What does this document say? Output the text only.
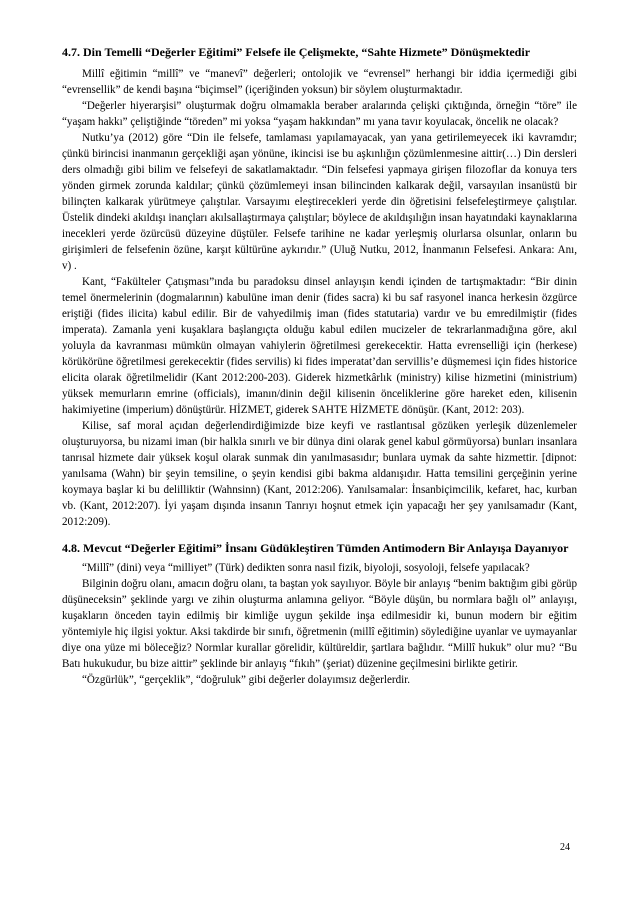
4.7. Din Temelli “Değerler Eğitimi” Felsefe ile Çelişmekte, “Sahte Hizmete” Dönüşmektedir

Millî eğitimin “millî” ve “manevî” değerleri; ontolojik ve “evrensel” herhangi bir iddia içermediği gibi “evrensellik” de kendi başına “biçimsel” (içeriğinden yoksun) bir söylem oluşturmaktadır.

“Değerler hiyerarşisi” oluşturmak doğru olmamakla beraber aralarında çelişki çıktığında, örneğin “töre” ile “yaşam hakkı” çeliştiğinde “töreden” mi yoksa “yaşam hakkından” mı yana tavır koyulacak, öncelik ne olacak?

Nutku’ya (2012) göre “Din ile felsefe, tamlaması yapılamayacak, yan yana getirilemeyecek iki kavramdır; çünkü birincisi inanmanın gerçekliği aşan yönüne, ikincisi ise bu aşkınlığın çözümlenmesine aittir(…) Din dersleri ders olmadığı gibi bilim ve felsefeyi de sakatlamaktadır. “Din felsefesi yapmaya girişen filozoflar da konuya ters yönden girmek zorunda kaldılar; çünkü çözümlemeyi insan bilincinden kalkarak değil, varsayılan insanüstü bir bilinçten kalkarak yürütmeye çalıştılar. Varsayımı eleştirecekleri yerde din öğretisini felsefeleştirmeye çalıştılar. Üstelik dindeki akıldışı inançları akılsallaştırmaya çalıştılar; böylece de akıldışılığın insan hayatındaki kaynaklarına inecekleri yerde özürcüsü düzeyine düştüler. Felsefe tarihine ne kadar yerleşmiş olurlarsa olsunlar, onların bu girişimleri de felsefenin özüne, karşıt kültürüne aykırıdır.” (Uluğ Nutku, 2012, İnanmanın Felsefesi. Ankara: Anı, v) .

Kant, “Fakülteler Çatışması”ında bu paradoksu dinsel anlayışın kendi içinden de tartışmaktadır: “Bir dinin temel önermelerinin (dogmalarının) kabulüne iman denir (fides sacra) ki bu saf rasyonel inanca herkesin özgürce eriştiği (fides ilicita) kabul edilir. Bir de vahyedilmiş iman (fides statutaria) vardır ve bu emredilmiştir (fides imperata). Zamanla yeni kuşaklara başlangıçta olduğu kabul edilen mucizeler de tekrarlanmadığına göre, akıl yoluyla da kavranması mümkün olmayan vahiylerin öğretilmesi gerekecektir. Hatta evrenselliği için (herkese) körükörüne öğretilmesi gerekecektir (fides servilis) ki fides imperatat’dan servillis’e düşmemesi için fides historice elicita olarak öğretilmelidir (Kant 2012:200-203). Giderek hizmetkârlık (ministry) kilise hizmetini (ministrium) yüksek memurların emrine (officials), imanın/dinin değil kilisenin önceliklerine göre hareket eden, kilisenin hakimiyetine (imperium) dönüştürür. HİZMET, giderek SAHTE HİZMETE dönüşür. (Kant, 2012: 203).

Kilise, saf moral açıdan değerlendirdiğimizde bize keyfi ve rastlantısal gözüken yerleşik düzenlemeler oluşturuyorsa, bu nizami iman (bir halkla sınırlı ve bir dünya dini olarak genel kabul görmüyorsa) bunları insanlara tanrısal hizmete dair yüksek koşul olarak sunmak din yanılmasasıdır; bunlara uymak da sahte hizmettir. [dipnot: yanılsama (Wahn) bir şeyin temsiline, o şeyin kendisi gibi bakma aldanışıdır. Hatta temsilini gerçeğinin yerine koymaya başlar ki bu delilliktir (Wahnsinn) (Kant, 2012:206). Yanılsamalar: İnsanbiçimcilik, kefaret, hac, kurban vb. (Kant, 2012:207). İyi yaşam dışında insanın Tanrıyı hoşnut etmek için yapacağı her şey yanılsamadır (Kant, 2012:209).

4.8. Mevcut “Değerler Eğitimi” İnsanı Güdükleştiren Tümden Antimodern Bir Anlayışa Dayanıyor

“Millî” (dini) veya “milliyet” (Türk) dedikten sonra nasıl fizik, biyoloji, sosyoloji, felsefe yapılacak?

Bilginin doğru olanı, amacın doğru olanı, ta baştan yok sayılıyor. Böyle bir anlayış “benim baktığım gibi görüp düşüneceksin” şeklinde yargı ve zihin oluşturma anlamına geliyor. “Böyle düşün, bu normlara bağlı ol” anlayışı, kuşakların önceden tayin edilmiş bir kimliğe uygun şekilde inşa edilmesidir ki, bunun modern bir eğitim yöntemiyle hiç ilgisi yoktur. Aksi takdirde bir sınıfı, öğretmenin (millî eğitimin) söylediğine uyanlar ve uymayanlar diye ona yüze mi böleceğiz? Normlar kurallar görelidir, kültüreldir, şartlara bağlıdır. “Millî hukuk” olur mu? “Bu Batı hukukudur, bu bize aittir” şeklinde bir anlayış “fıkıh” (şeriat) düzenine geçilmesini birlikte getirir.

“Özgürlük”, “gerçeklik”, “doğruluk” gibi değerler dolayımsız değerlerdir.

24
